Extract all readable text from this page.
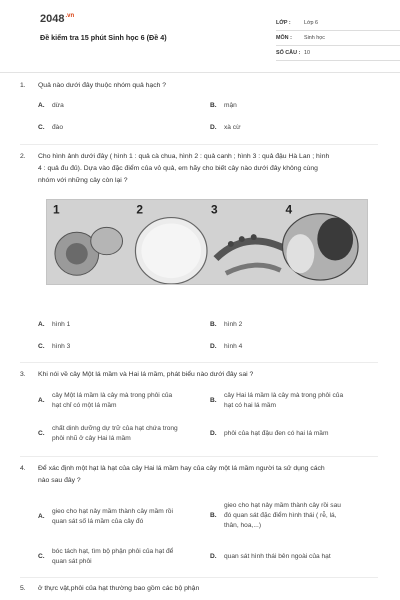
$2048^{.vn}$
Đề kiểm tra 15 phút Sinh học 6 (Đề 4)
LỚP :	Lớp 6
MÔN :	Sinh học
SỐ CÂU : 10
1.	Quả nào dưới đây thuộc nhóm quả hạch ?
A.	dừa	B.	mận
C.	đào	D.	xà cừ
2.	Cho hình ảnh dưới đây ( hình 1 : quả cà chua, hình 2 : quả canh ; hình 3 : quả đậu Hà Lan ; hình
4 : quả đu đủ). Dựa vào đặc điểm của vỏ quả, em hãy cho biết cây nào dưới đây không cùng
nhóm với những cây còn lại ?
1	2	3	4
A.	hình 1	B.	hình 2
C.	hình 3	D.	hình 4
3.	Khi nói về cây Một lá mầm và Hai lá mầm, phát biểu nào dưới đây sai ?
A.
cây Một lá mầm là cây mà trong phôi của
hạt chỉ có một lá mầm
B.
cây Hai lá mầm là cây mà trong phôi của
hạt có hai lá mầm
C.
chất dinh dưỡng dự trữ của hạt chứa trong
phôi nhũ ở cây Hai lá mầm
D.	phôi của hạt đậu đen có hai lá mầm
4.	Để xác định một hạt là hạt của cây Hai lá mầm hay của cây một lá mầm người ta sử dụng cách
nào sau đây ?
A.
gieo cho hạt nảy mầm thành cây mầm rồi
quan sát số lá mầm của cây đó
B.
gieo cho hạt nảy mầm thành cây rồi sau
đó quan sát đặc điểm hình thái ( rễ, lá,
thân, hoa,...)
C.
bóc tách hạt, tìm bộ phận phôi của hạt để
quan sát phôi
D.	quan sát hình thái bên ngoài của hạt
5.	ở thực vật,phôi của hạt thường bao gồm các bộ phận
